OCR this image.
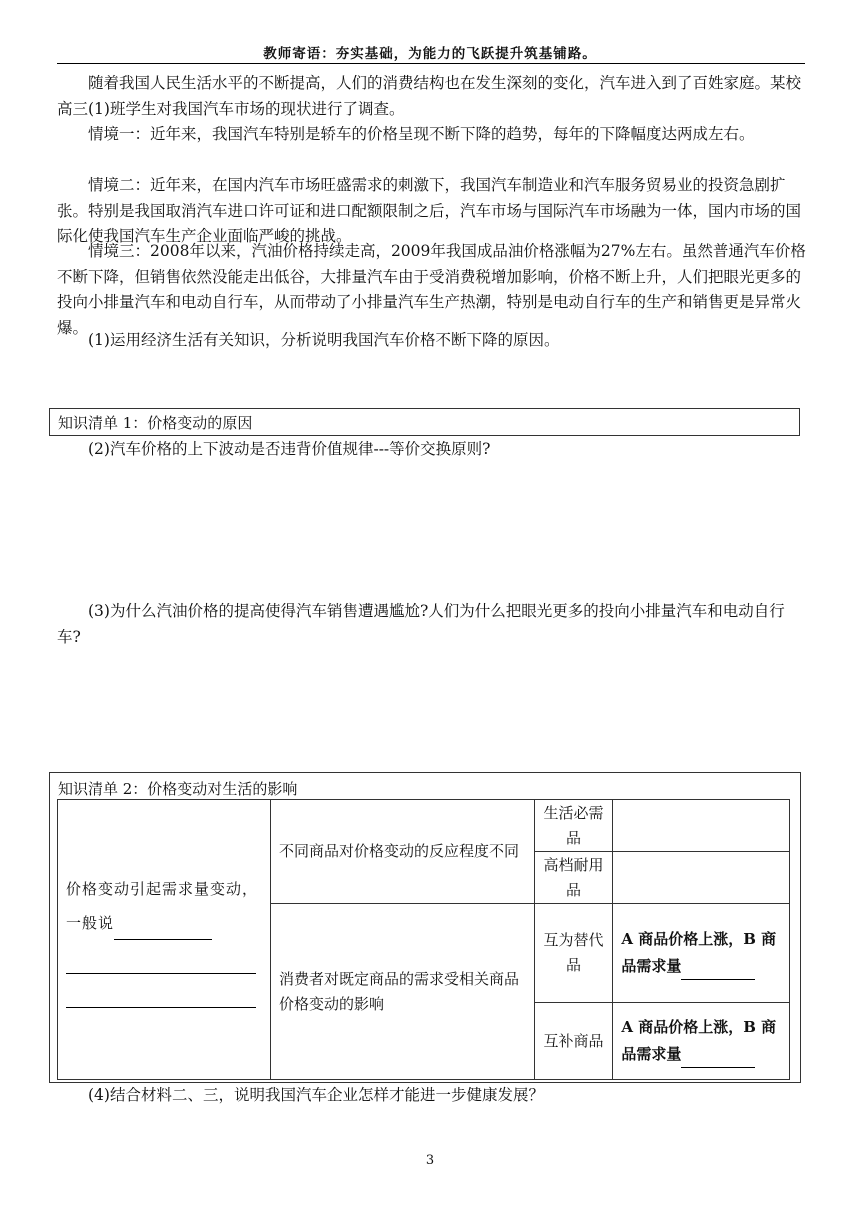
教师寄语：夯实基础，为能力的飞跃提升筑基铺路。

随着我国人民生活水平的不断提高，人们的消费结构也在发生深刻的变化，汽车进入到了百姓家庭。某校高三(1)班学生对我国汽车市场的现状进行了调查。

情境一：近年来，我国汽车特别是轿车的价格呈现不断下降的趋势，每年的下降幅度达两成左右。

情境二：近年来，在国内汽车市场旺盛需求的刺激下，我国汽车制造业和汽车服务贸易业的投资急剧扩张。特别是我国取消汽车进口许可证和进口配额限制之后，汽车市场与国际汽车市场融为一体，国内市场的国际化使我国汽车生产企业面临严峻的挑战。

情境三：2008年以来，汽油价格持续走高，2009年我国成品油价格涨幅为27%左右。虽然普通汽车价格不断下降，但销售依然没能走出低谷，大排量汽车由于受消费税增加影响，价格不断上升，人们把眼光更多的投向小排量汽车和电动自行车，从而带动了小排量汽车生产热潮，特别是电动自行车的生产和销售更是异常火爆。

(1)运用经济生活有关知识，分析说明我国汽车价格不断下降的原因。

知识清单 1：价格变动的原因

(2)汽车价格的上下波动是否违背价值规律---等价交换原则?

(3)为什么汽油价格的提高使得汽车销售遭遇尴尬?人们为什么把眼光更多的投向小排量汽车和电动自行车?

知识清单 2：价格变动对生活的影响
价格变动引起需求量变动，一般说	不同商品对价格变动的反应程度不同	生活必需品	
		高档耐用品	
	消费者对既定商品的需求受相关商品价格变动的影响	互为替代品	A 商品价格上涨，B 商品需求量
		互补商品	A 商品价格上涨，B 商品需求量

(4)结合材料二、三，说明我国汽车企业怎样才能进一步健康发展？

3
